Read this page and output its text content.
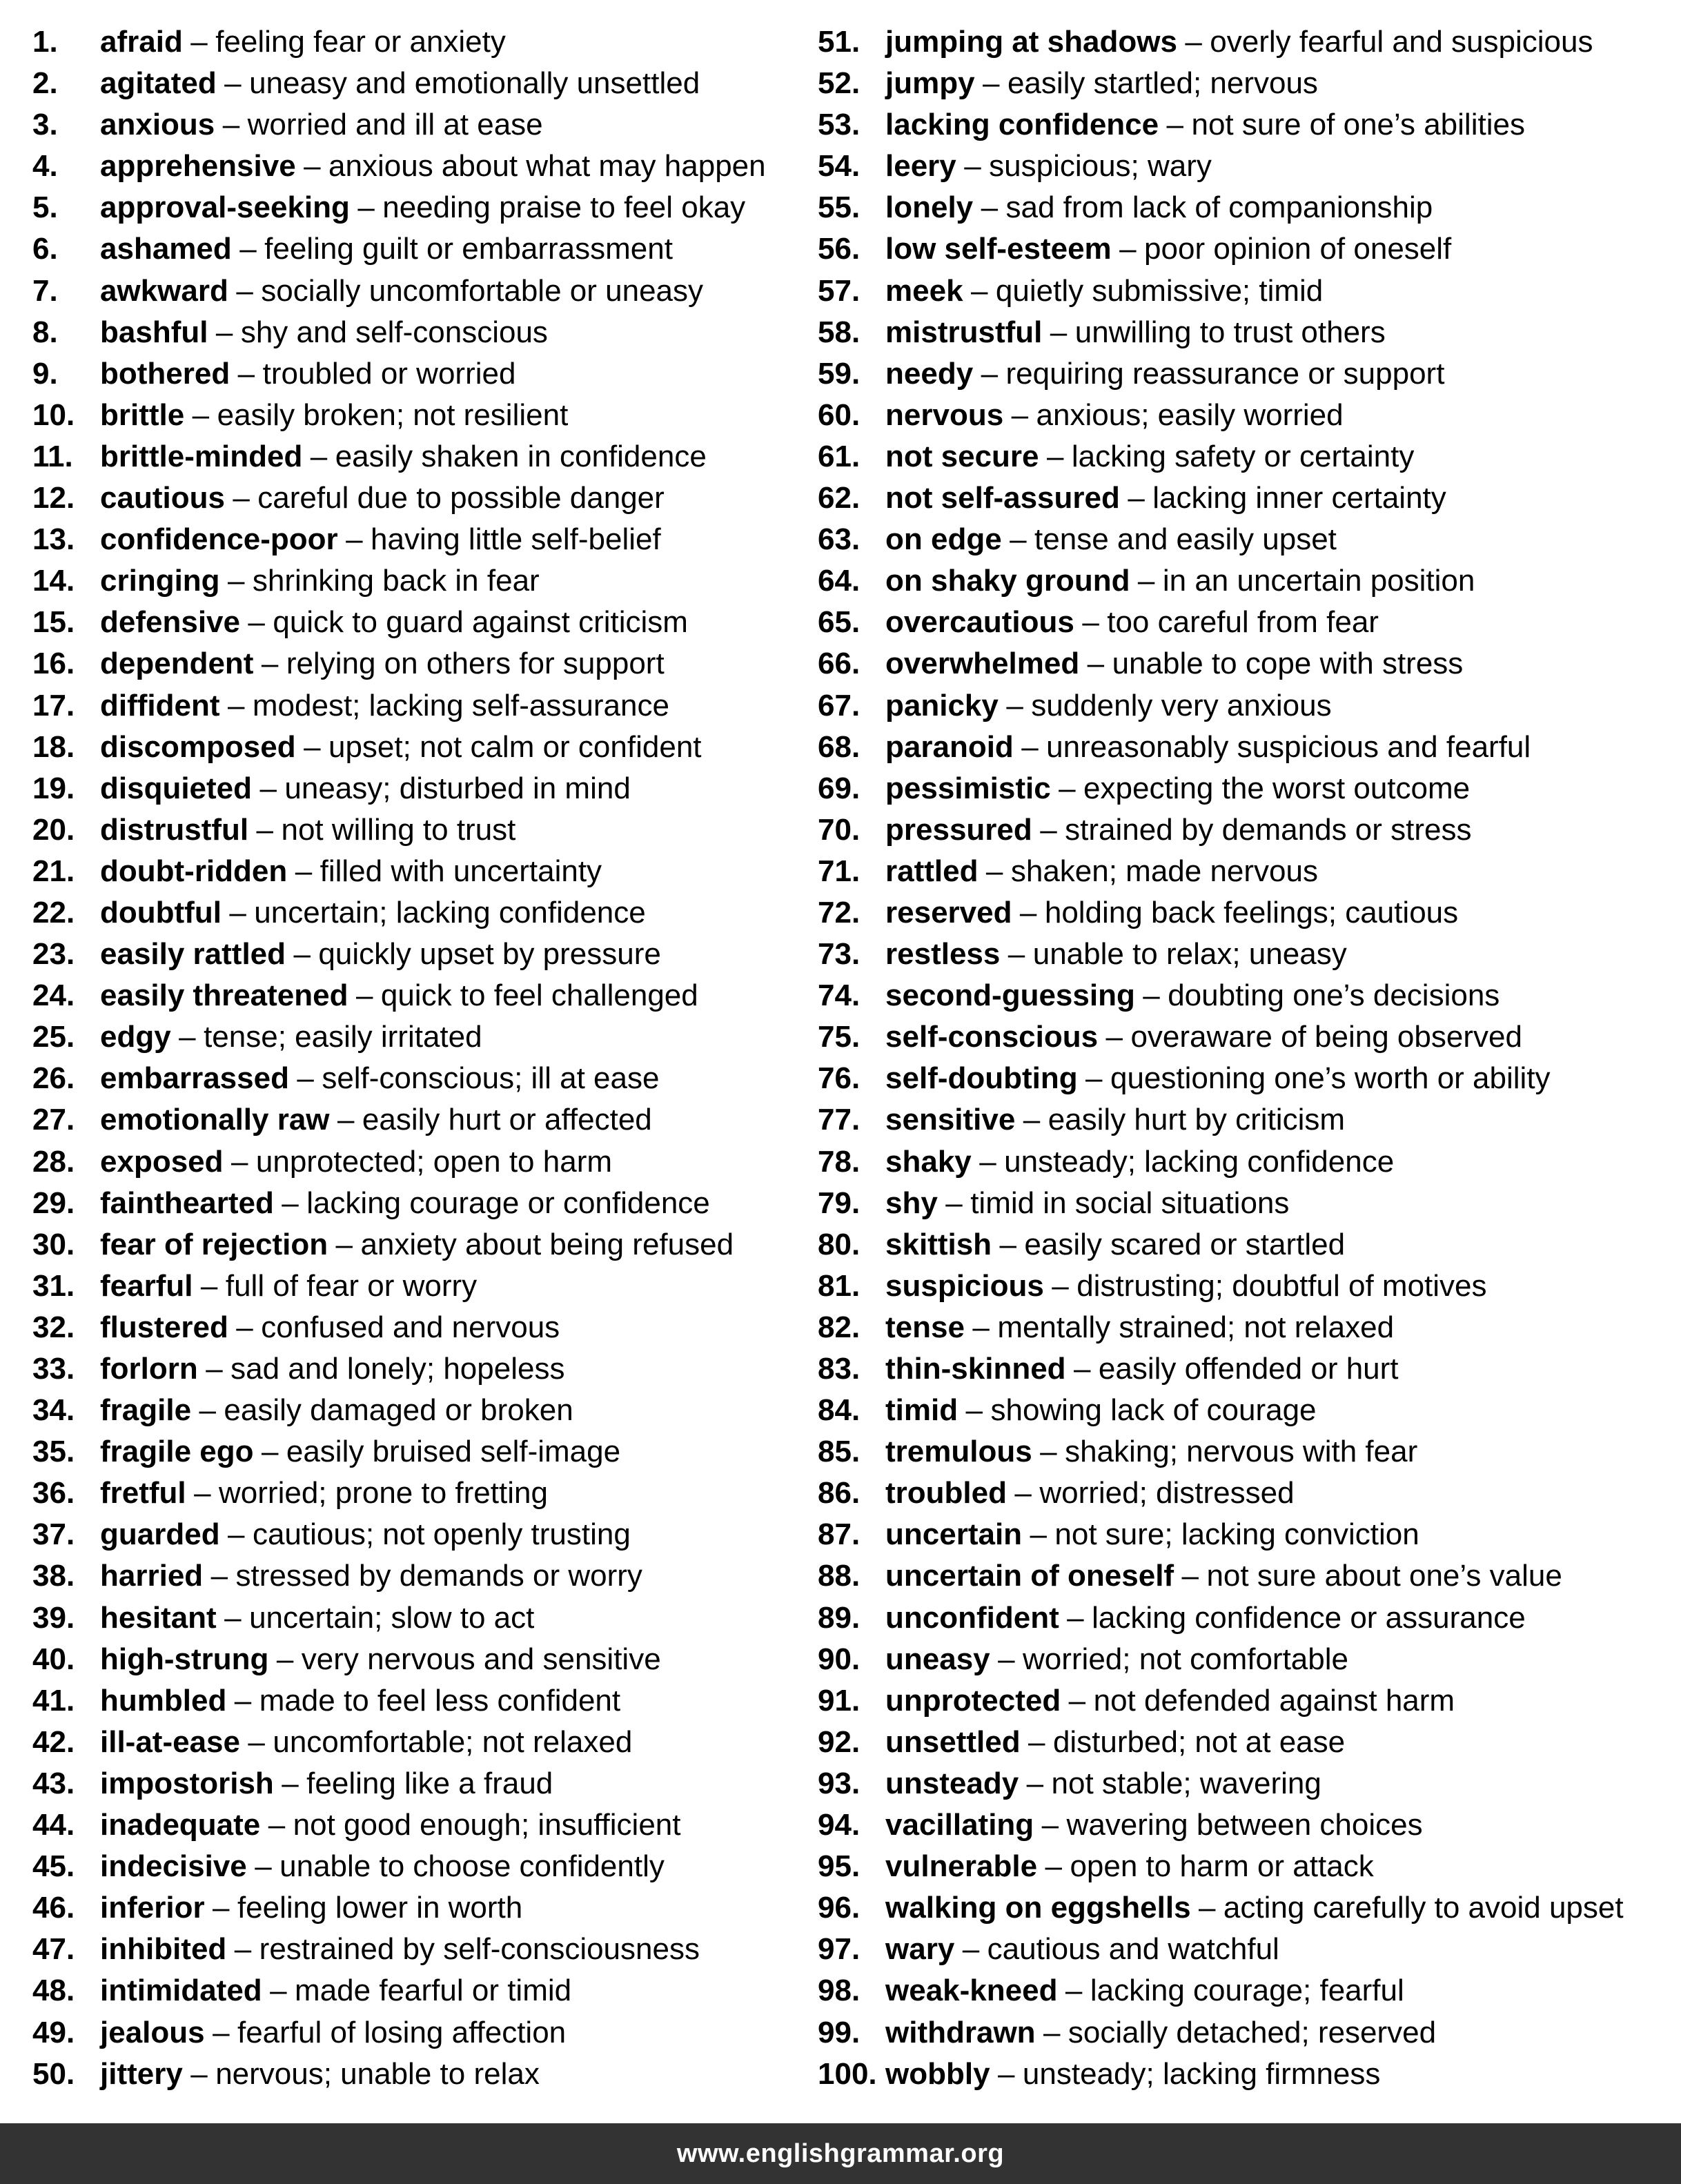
1. afraid – feeling fear or anxiety
2. agitated – uneasy and emotionally unsettled
3. anxious – worried and ill at ease
4. apprehensive – anxious about what may happen
5. approval-seeking – needing praise to feel okay
6. ashamed – feeling guilt or embarrassment
7. awkward – socially uncomfortable or uneasy
8. bashful – shy and self-conscious
9. bothered – troubled or worried
10. brittle – easily broken; not resilient
11. brittle-minded – easily shaken in confidence
12. cautious – careful due to possible danger
13. confidence-poor – having little self-belief
14. cringing – shrinking back in fear
15. defensive – quick to guard against criticism
16. dependent – relying on others for support
17. diffident – modest; lacking self-assurance
18. discomposed – upset; not calm or confident
19. disquieted – uneasy; disturbed in mind
20. distrustful – not willing to trust
21. doubt-ridden – filled with uncertainty
22. doubtful – uncertain; lacking confidence
23. easily rattled – quickly upset by pressure
24. easily threatened – quick to feel challenged
25. edgy – tense; easily irritated
26. embarrassed – self-conscious; ill at ease
27. emotionally raw – easily hurt or affected
28. exposed – unprotected; open to harm
29. fainthearted – lacking courage or confidence
30. fear of rejection – anxiety about being refused
31. fearful – full of fear or worry
32. flustered – confused and nervous
33. forlorn – sad and lonely; hopeless
34. fragile – easily damaged or broken
35. fragile ego – easily bruised self-image
36. fretful – worried; prone to fretting
37. guarded – cautious; not openly trusting
38. harried – stressed by demands or worry
39. hesitant – uncertain; slow to act
40. high-strung – very nervous and sensitive
41. humbled – made to feel less confident
42. ill-at-ease – uncomfortable; not relaxed
43. impostorish – feeling like a fraud
44. inadequate – not good enough; insufficient
45. indecisive – unable to choose confidently
46. inferior – feeling lower in worth
47. inhibited – restrained by self-consciousness
48. intimidated – made fearful or timid
49. jealous – fearful of losing affection
50. jittery – nervous; unable to relax
51. jumping at shadows – overly fearful and suspicious
52. jumpy – easily startled; nervous
53. lacking confidence – not sure of one’s abilities
54. leery – suspicious; wary
55. lonely – sad from lack of companionship
56. low self-esteem – poor opinion of oneself
57. meek – quietly submissive; timid
58. mistrustful – unwilling to trust others
59. needy – requiring reassurance or support
60. nervous – anxious; easily worried
61. not secure – lacking safety or certainty
62. not self-assured – lacking inner certainty
63. on edge – tense and easily upset
64. on shaky ground – in an uncertain position
65. overcautious – too careful from fear
66. overwhelmed – unable to cope with stress
67. panicky – suddenly very anxious
68. paranoid – unreasonably suspicious and fearful
69. pessimistic – expecting the worst outcome
70. pressured – strained by demands or stress
71. rattled – shaken; made nervous
72. reserved – holding back feelings; cautious
73. restless – unable to relax; uneasy
74. second-guessing – doubting one’s decisions
75. self-conscious – overaware of being observed
76. self-doubting – questioning one’s worth or ability
77. sensitive – easily hurt by criticism
78. shaky – unsteady; lacking confidence
79. shy – timid in social situations
80. skittish – easily scared or startled
81. suspicious – distrusting; doubtful of motives
82. tense – mentally strained; not relaxed
83. thin-skinned – easily offended or hurt
84. timid – showing lack of courage
85. tremulous – shaking; nervous with fear
86. troubled – worried; distressed
87. uncertain – not sure; lacking conviction
88. uncertain of oneself – not sure about one’s value
89. unconfident – lacking confidence or assurance
90. uneasy – worried; not comfortable
91. unprotected – not defended against harm
92. unsettled – disturbed; not at ease
93. unsteady – not stable; wavering
94. vacillating – wavering between choices
95. vulnerable – open to harm or attack
96. walking on eggshells – acting carefully to avoid upset
97. wary – cautious and watchful
98. weak-kneed – lacking courage; fearful
99. withdrawn – socially detached; reserved
100. wobbly – unsteady; lacking firmness
www.englishgrammar.org
